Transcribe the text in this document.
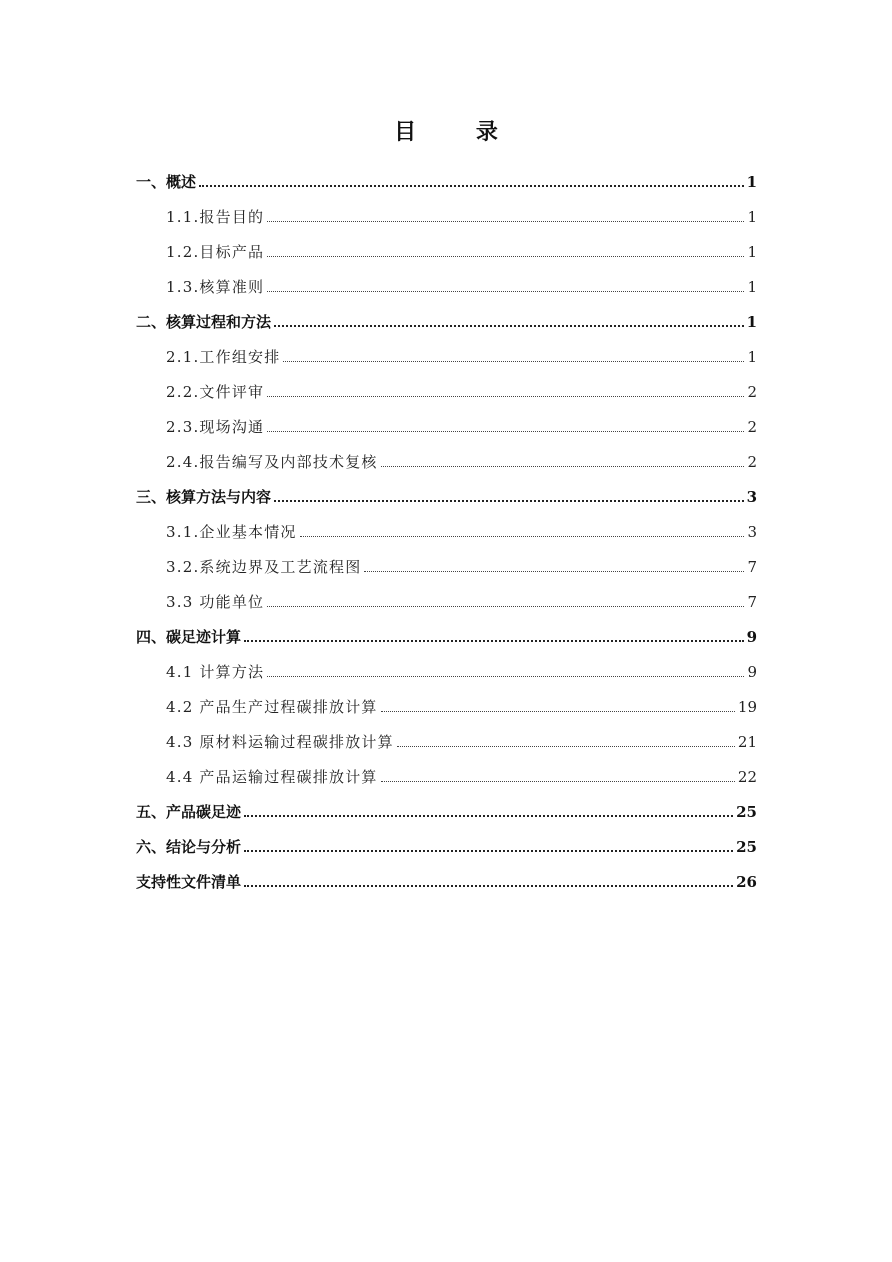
目 录
一、概述	1
1.1.报告目的	1
1.2.目标产品	1
1.3.核算准则	1
二、核算过程和方法	1
2.1.工作组安排	1
2.2.文件评审	2
2.3.现场沟通	2
2.4.报告编写及内部技术复核	2
三、核算方法与内容	3
3.1.企业基本情况	3
3.2.系统边界及工艺流程图	7
3.3 功能单位	7
四、碳足迹计算	9
4.1 计算方法	9
4.2 产品生产过程碳排放计算	19
4.3 原材料运输过程碳排放计算	21
4.4 产品运输过程碳排放计算	22
五、产品碳足迹	25
六、结论与分析	25
支持性文件清单	26
